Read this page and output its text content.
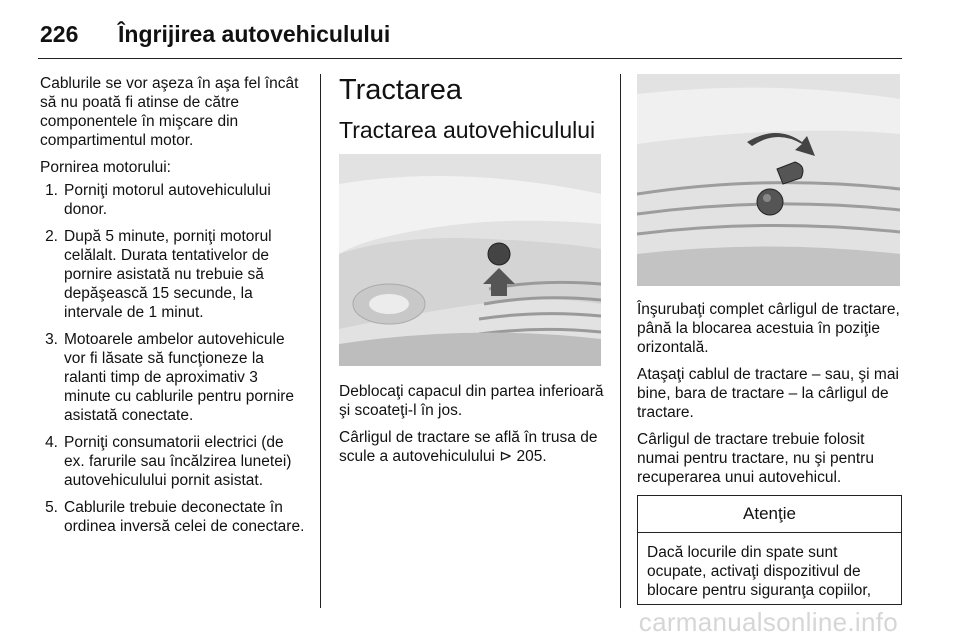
226	Îngrijirea autovehiculului

Cablurile se vor aşeza în aşa fel încât să nu poată fi atinse de către componentele în mişcare din compartimentul motor.

Pornirea motorului:

1. Porniţi motorul autovehiculului donor.
2. După 5 minute, porniţi motorul celălalt. Durata tentativelor de pornire asistată nu trebuie să depăşească 15 secunde, la intervale de 1 minut.
3. Motoarele ambelor autovehicule vor fi lăsate să funcţioneze la ralanti timp de aproximativ 3 minute cu cablurile pentru pornire asistată conectate.
4. Porniţi consumatorii electrici (de ex. farurile sau încălzirea lunetei) autovehiculului pornit asistat.
5. Cablurile trebuie deconectate în ordinea inversă celei de conectare.
Tractarea
Tractarea autovehiculului

Deblocaţi capacul din partea inferioară şi scoateţi-l în jos.

Cârligul de tractare se află în trusa de scule a autovehiculului ⊳ 205.

Înşurubaţi complet cârligul de tractare, până la blocarea acestuia în poziţie orizontală.

Ataşaţi cablul de tractare – sau, şi mai bine, bara de tractare – la cârligul de tractare.

Cârligul de tractare trebuie folosit numai pentru tractare, nu şi pentru recuperarea unui autovehicul.

Atenţie
Dacă locurile din spate sunt ocupate, activaţi dispozitivul de blocare pentru siguranţa copiilor,
carmanualsonline.info
